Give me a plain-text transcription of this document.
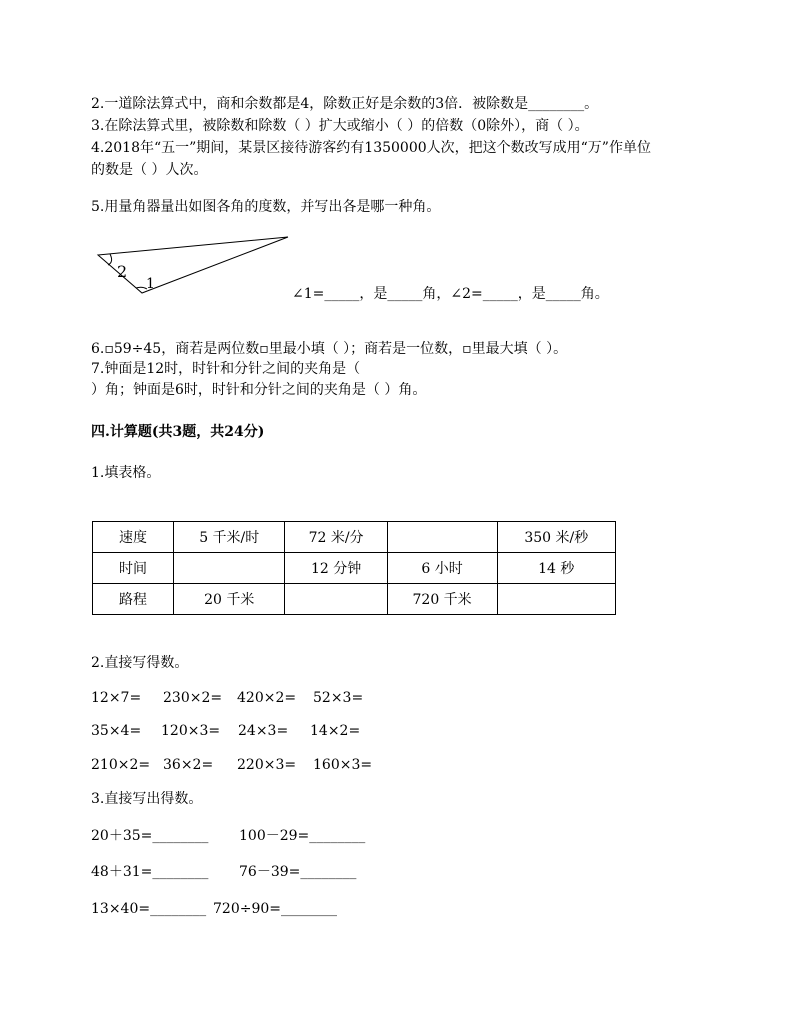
2.一道除法算式中，商和余数都是4，除数正好是余数的3倍．被除数是________。
3.在除法算式里，被除数和除数（ ）扩大或缩小（ ）的倍数（0除外），商（ ）。
4.2018年“五一”期间，某景区接待游客约有1350000人次，把这个数改写成用“万”作单位
的数是（ ）人次。
5.用量角器量出如图各角的度数，并写出各是哪一种角。
2
1
∠1=_____，是_____角，∠2=_____，是_____角。
6.▫59÷45，商若是两位数▫里最小填（ ）；商若是一位数，▫里最大填（ ）。
7.钟面是12时，时针和分针之间的夹角是（
）角；钟面是6时，时针和分针之间的夹角是（ ）角。
四.计算题(共3题，共24分)
1.填表格。
速度	5 千米/时	72 米/分		350 米/秒
时间		12 分钟	6 小时	14 秒
路程	20 千米		720 千米	
2.直接写得数。
12×7= 230×2= 420×2= 52×3=
35×4= 120×3= 24×3= 14×2=
210×2= 36×2= 220×3= 160×3=
3.直接写出得数。
20＋35=________ 100－29=________
48＋31=________ 76－39=________
13×40=________ 720÷90=________
